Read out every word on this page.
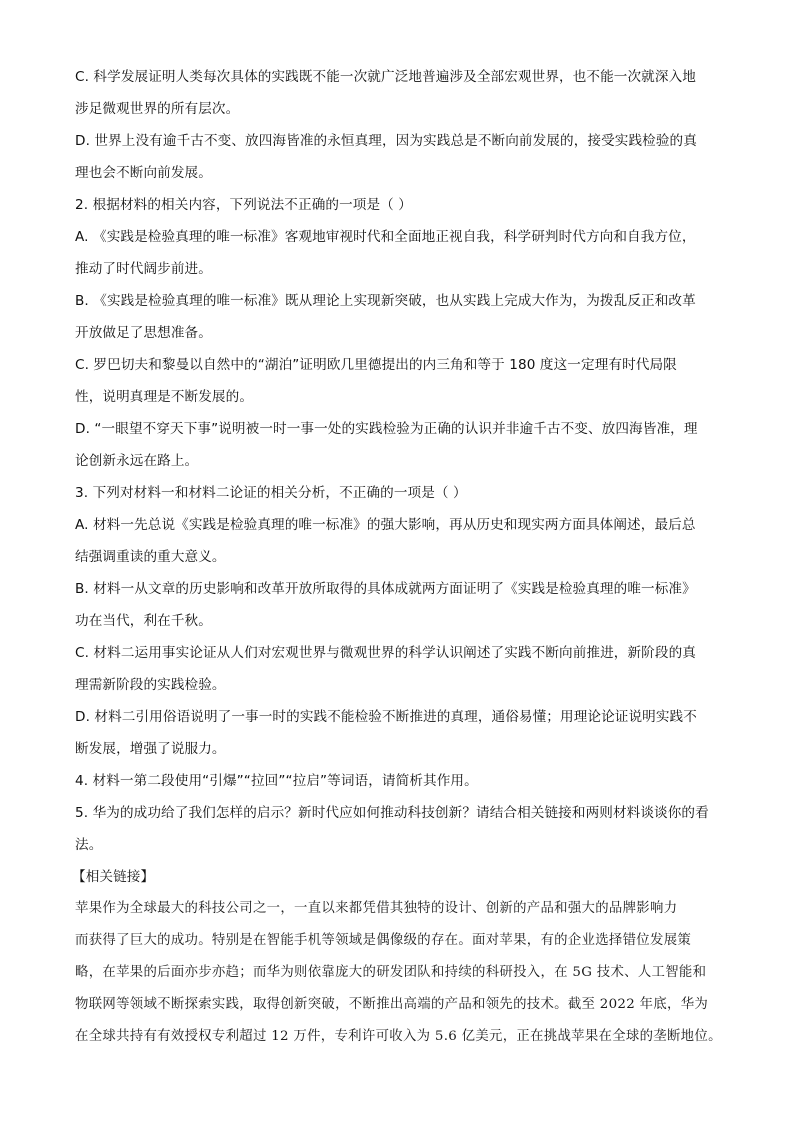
C. 科学发展证明人类每次具体的实践既不能一次就广泛地普遍涉及全部宏观世界，也不能一次就深入地
涉足微观世界的所有层次。
D. 世界上没有逾千古不变、放四海皆准的永恒真理，因为实践总是不断向前发展的，接受实践检验的真
理也会不断向前发展。
2. 根据材料的相关内容，下列说法不正确的一项是（ ）
A. 《实践是检验真理的唯一标准》客观地审视时代和全面地正视自我，科学研判时代方向和自我方位，
推动了时代阔步前进。
B. 《实践是检验真理的唯一标准》既从理论上实现新突破，也从实践上完成大作为，为拨乱反正和改革
开放做足了思想准备。
C. 罗巴切夫和黎曼以自然中的“湖泊”证明欧几里德提出的内三角和等于 180 度这一定理有时代局限
性，说明真理是不断发展的。
D. “一眼望不穿天下事”说明被一时一事一处的实践检验为正确的认识并非逾千古不变、放四海皆准，理
论创新永远在路上。
3. 下列对材料一和材料二论证的相关分析，不正确的一项是（ ）
A. 材料一先总说《实践是检验真理的唯一标准》的强大影响，再从历史和现实两方面具体阐述，最后总
结强调重读的重大意义。
B. 材料一从文章的历史影响和改革开放所取得的具体成就两方面证明了《实践是检验真理的唯一标准》
功在当代，利在千秋。
C. 材料二运用事实论证从人们对宏观世界与微观世界的科学认识阐述了实践不断向前推进，新阶段的真
理需新阶段的实践检验。
D. 材料二引用俗语说明了一事一时的实践不能检验不断推进的真理，通俗易懂；用理论论证说明实践不
断发展，增强了说服力。
4. 材料一第二段使用“引爆”“拉回”“拉启”等词语，请简析其作用。
5. 华为的成功给了我们怎样的启示？新时代应如何推动科技创新？请结合相关链接和两则材料谈谈你的看
法。
【相关链接】
苹果作为全球最大的科技公司之一，一直以来都凭借其独特的设计、创新的产品和强大的品牌影响力
而获得了巨大的成功。特别是在智能手机等领域是偶像级的存在。面对苹果，有的企业选择错位发展策
略，在苹果的后面亦步亦趋；而华为则依靠庞大的研发团队和持续的科研投入，在 5G 技术、人工智能和
物联网等领域不断探索实践，取得创新突破，不断推出高端的产品和领先的技术。截至 2022 年底，华为
在全球共持有有效授权专利超过 12 万件，专利许可收入为 5.6 亿美元，正在挑战苹果在全球的垄断地位。
